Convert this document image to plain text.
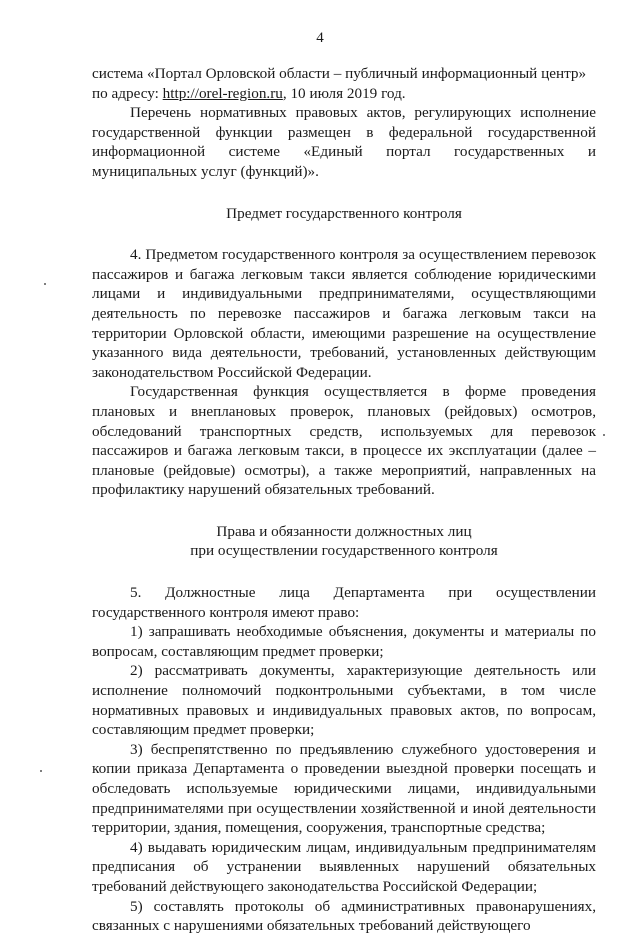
4

система «Портал Орловской области – публичный информационный центр»

по адресу: http://orel-region.ru, 10 июля 2019 год.

Перечень нормативных правовых актов, регулирующих исполнение государственной функции размещен в федеральной государственной информационной системе «Единый портал государственных и муниципальных услуг (функций)».

Предмет государственного контроля

4. Предметом государственного контроля за осуществлением перевозок пассажиров и багажа легковым такси является соблюдение юридическими лицами и индивидуальными предпринимателями, осуществляющими деятельность по перевозке пассажиров и багажа легковым такси на территории Орловской области, имеющими разрешение на осуществление указанного вида деятельности, требований, установленных действующим законодательством Российской Федерации.

Государственная функция осуществляется в форме проведения плановых и внеплановых проверок, плановых (рейдовых) осмотров, обследований транспортных средств, используемых для перевозок пассажиров и багажа легковым такси, в процессе их эксплуатации (далее – плановые (рейдовые) осмотры), а также мероприятий, направленных на профилактику нарушений обязательных требований.

Права и обязанности должностных лиц

при осуществлении государственного контроля

5. Должностные лица Департамента при осуществлении государственного контроля имеют право:

1) запрашивать необходимые объяснения, документы и материалы по вопросам, составляющим предмет проверки;

2) рассматривать документы, характеризующие деятельность или исполнение полномочий подконтрольными субъектами, в том числе нормативных правовых и индивидуальных правовых актов, по вопросам, составляющим предмет проверки;

3) беспрепятственно по предъявлению служебного удостоверения и копии приказа Департамента о проведении выездной проверки посещать и обследовать используемые юридическими лицами, индивидуальными предпринимателями при осуществлении хозяйственной и иной деятельности территории, здания, помещения, сооружения, транспортные средства;

4) выдавать юридическим лицам, индивидуальным предпринимателям предписания об устранении выявленных нарушений обязательных требований действующего законодательства Российской Федерации;

5) составлять протоколы об административных правонарушениях, связанных с нарушениями обязательных требований действующего
